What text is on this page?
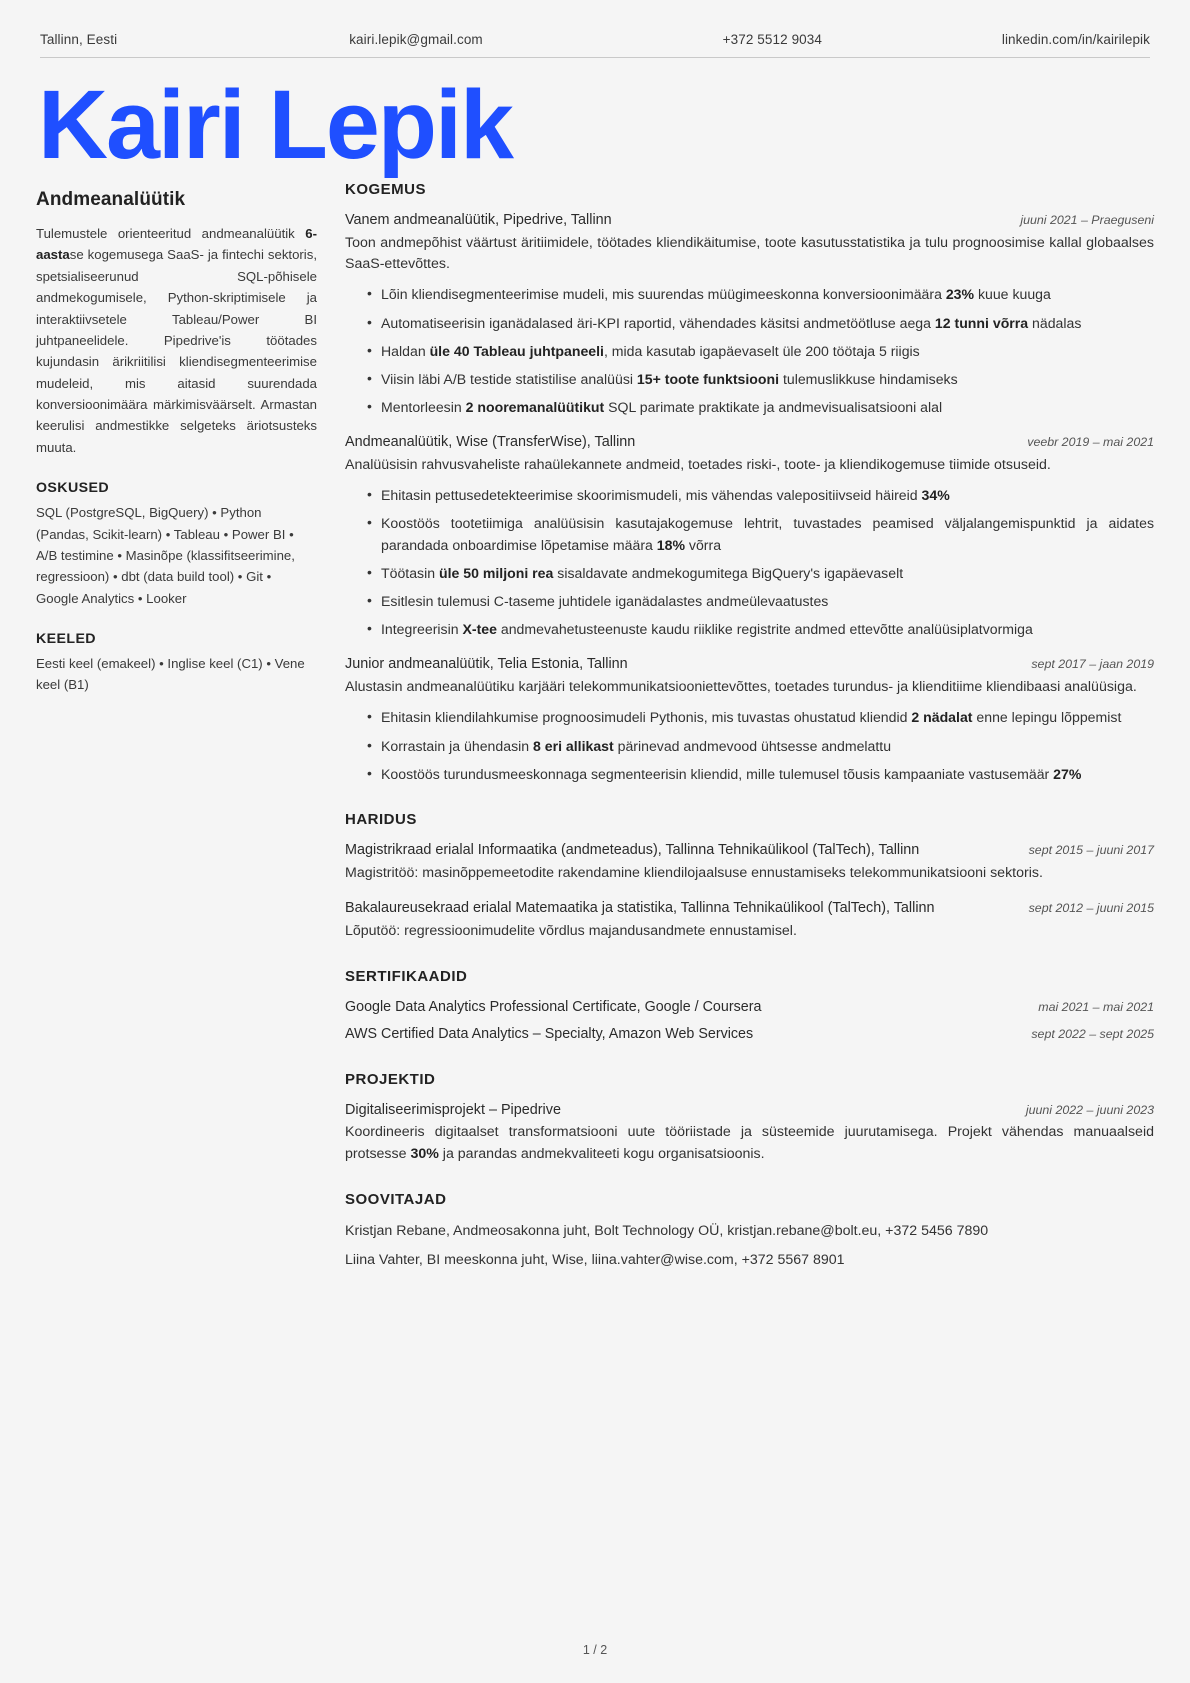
Tallinn, Eesti	kairi.lepik@gmail.com	+372 5512 9034	linkedin.com/in/kairilepik
Kairi Lepik
Andmeanalüütik
Tulemustele orienteeritud andmeanalüütik 6-aastase kogemusega SaaS- ja fintechi sektoris, spetsialiseerunud SQL-põhisele andmekogumisele, Python-skriptimisele ja interaktiivsetele Tableau/Power BI juhtpaneelidele. Pipedrive'is töötades kujundasin ärikriitilisi kliendisegmenteerimise mudeleid, mis aitasid suurendada konversioonimäära märkimisväärselt. Armastan keerulisi andmestikke selgeteks äriotsusteks muuta.
OSKUSED
SQL (PostgreSQL, BigQuery) • Python (Pandas, Scikit-learn) • Tableau • Power BI • A/B testimine • Masinõpe (klassifitseerimine, regressioon) • dbt (data build tool) • Git • Google Analytics • Looker
KEELED
Eesti keel (emakeel) • Inglise keel (C1) • Vene keel (B1)
KOGEMUS
Vanem andmeanalüütik, Pipedrive, Tallinn	juuni 2021 – Praeguseni
Toon andmepõhist väärtust äritiimidele, töötades kliendikäitumise, toote kasutusstatistika ja tulu prognoosimise kallal globaalses SaaS-ettevõttes.
• Lõin kliendisegmenteerimise mudeli, mis suurendas müügimeeskonna konversioonimäära 23% kuue kuuga
• Automatiseerisin iganädalased äri-KPI raportid, vähendades käsitsi andmetöötluse aega 12 tunni võrra nädalas
• Haldan üle 40 Tableau juhtpaneeli, mida kasutab igapäevaselt üle 200 töötaja 5 riigis
• Viisin läbi A/B testide statistilise analüüsi 15+ toote funktsiooni tulemuslikkuse hindamiseks
• Mentorleesin 2 nooremanalüütikut SQL parimate praktikate ja andmevisualisatsiooni alal
Andmeanalüütik, Wise (TransferWise), Tallinn	veebr 2019 – mai 2021
Analüüsisin rahvusvaheliste rahaülekannete andmeid, toetades riski-, toote- ja kliendikogemuse tiimide otsuseid.
• Ehitasin pettusedetekteerimise skoorimismudeli, mis vähendas valepositiivseid häireid 34%
• Koostöös tootetiimiga analüüsisin kasutajakogemuse lehtrit, tuvastades peamised väljalangemispunktid ja aidates parandada onboardimise lõpetamise määra 18% võrra
• Töötasin üle 50 miljoni rea sisaldavate andmekogumitega BigQuery's igapäevaselt
• Esitlesin tulemusi C-taseme juhtidele iganädalastes andmeülevaatustes
• Integreerisin X-tee andmevahetusteenuste kaudu riiklike registrite andmed ettevõtte analüüsiplatvormiga
Junior andmeanalüütik, Telia Estonia, Tallinn	sept 2017 – jaan 2019
Alustasin andmeanalüütiku karjääri telekommunikatsiooniettevõttes, toetades turundus- ja klienditiime kliendibaasi analüüsiga.
• Ehitasin kliendilahkumise prognoosimudeli Pythonis, mis tuvastas ohustatud kliendid 2 nädalat enne lepingu lõppemist
• Korrastain ja ühendasin 8 eri allikast pärinevad andmevood ühtsesse andmelattu
• Koostöös turundusmeeskonnaga segmenteerisin kliendid, mille tulemusel tõusis kampaaniate vastusemäär 27%
HARIDUS
Magistrikraad erialal Informaatika (andmeteadus), Tallinna Tehnikaülikool (TalTech), Tallinn	sept 2015 – juuni 2017
Magistritöö: masinõppemeetodite rakendamine kliendilojaalsuse ennustamiseks telekommunikatsiooni sektoris.
Bakalaureusekraad erialal Matemaatika ja statistika, Tallinna Tehnikaülikool (TalTech), Tallinn	sept 2012 – juuni 2015
Lõputöö: regressioonimudelite võrdlus majandusandmete ennustamisel.
SERTIFIKAADID
Google Data Analytics Professional Certificate, Google / Coursera	mai 2021 – mai 2021
AWS Certified Data Analytics – Specialty, Amazon Web Services	sept 2022 – sept 2025
PROJEKTID
Digitaliseerimisprojekt – Pipedrive	juuni 2022 – juuni 2023
Koordineeris digitaalset transformatsiooni uute tööriistade ja süsteemide juurutamisega. Projekt vähendas manuaalseid protsesse 30% ja parandas andmekvaliteeti kogu organisatsioonis.
SOOVITAJAD
Kristjan Rebane, Andmeosakonna juht, Bolt Technology OÜ, kristjan.rebane@bolt.eu, +372 5456 7890
Liina Vahter, BI meeskonna juht, Wise, liina.vahter@wise.com, +372 5567 8901
1 / 2
